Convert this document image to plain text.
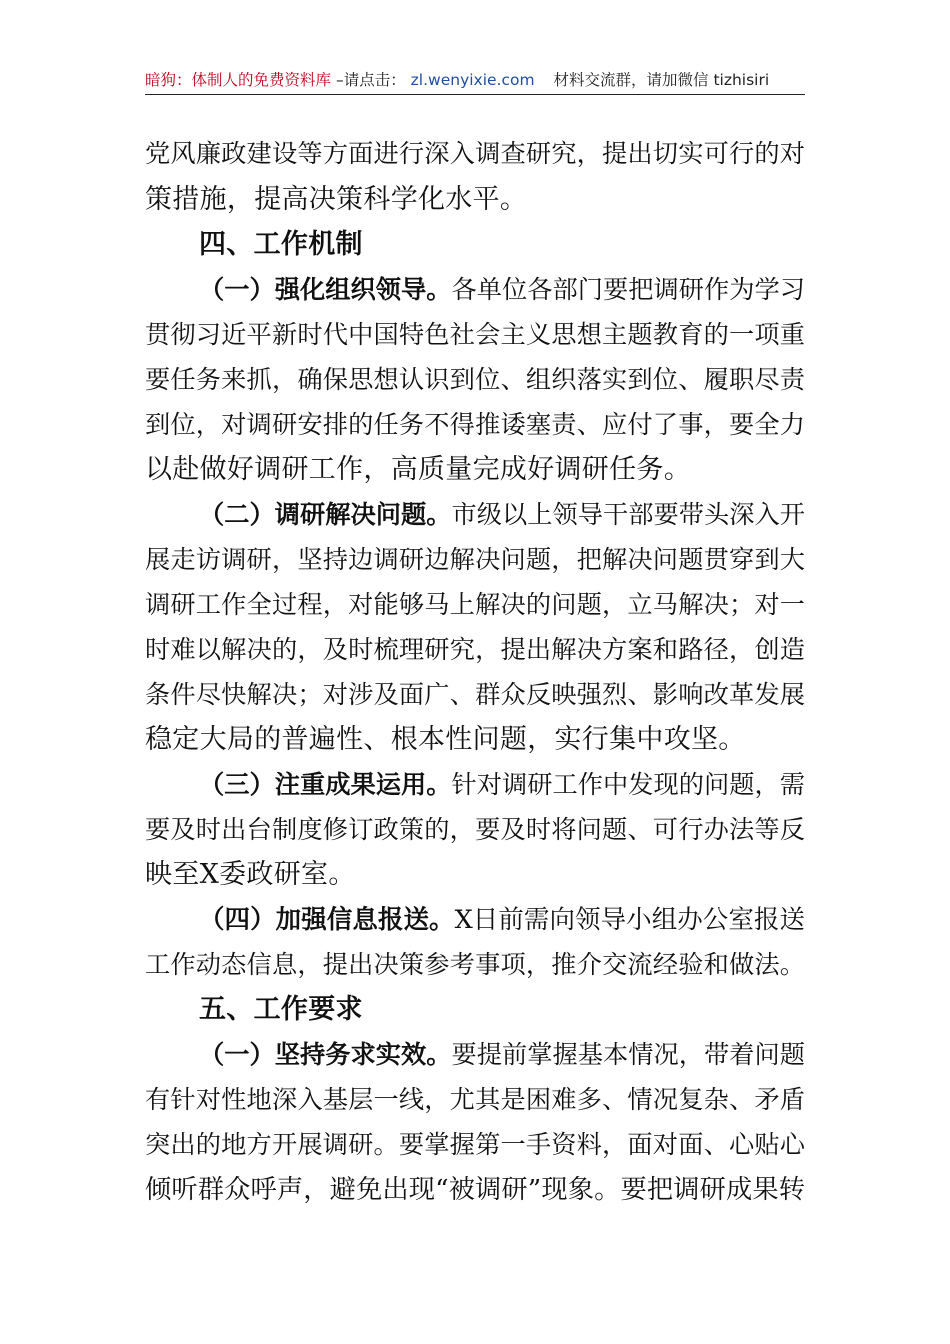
暗狗：体制人的免费资料库 –请点击： zl.wenyixie.com 材料交流群，请加微信 tizhisiri
党风廉政建设等方面进行深入调查研究，提出切实可行的对
策措施，提高决策科学化水平。
四、工作机制
（一）强化组织领导。各单位各部门要把调研作为学习
贯彻习近平新时代中国特色社会主义思想主题教育的一项重
要任务来抓，确保思想认识到位、组织落实到位、履职尽责
到位，对调研安排的任务不得推诿塞责、应付了事，要全力
以赴做好调研工作，高质量完成好调研任务。
（二）调研解决问题。市级以上领导干部要带头深入开
展走访调研，坚持边调研边解决问题，把解决问题贯穿到大
调研工作全过程，对能够马上解决的问题，立马解决；对一
时难以解决的，及时梳理研究，提出解决方案和路径，创造
条件尽快解决；对涉及面广、群众反映强烈、影响改革发展
稳定大局的普遍性、根本性问题，实行集中攻坚。
（三）注重成果运用。针对调研工作中发现的问题，需
要及时出台制度修订政策的，要及时将问题、可行办法等反
映至X委政研室。
（四）加强信息报送。X日前需向领导小组办公室报送
工作动态信息，提出决策参考事项，推介交流经验和做法。
五、工作要求
（一）坚持务求实效。要提前掌握基本情况，带着问题
有针对性地深入基层一线，尤其是困难多、情况复杂、矛盾
突出的地方开展调研。要掌握第一手资料，面对面、心贴心
倾听群众呼声，避免出现“被调研”现象。要把调研成果转
